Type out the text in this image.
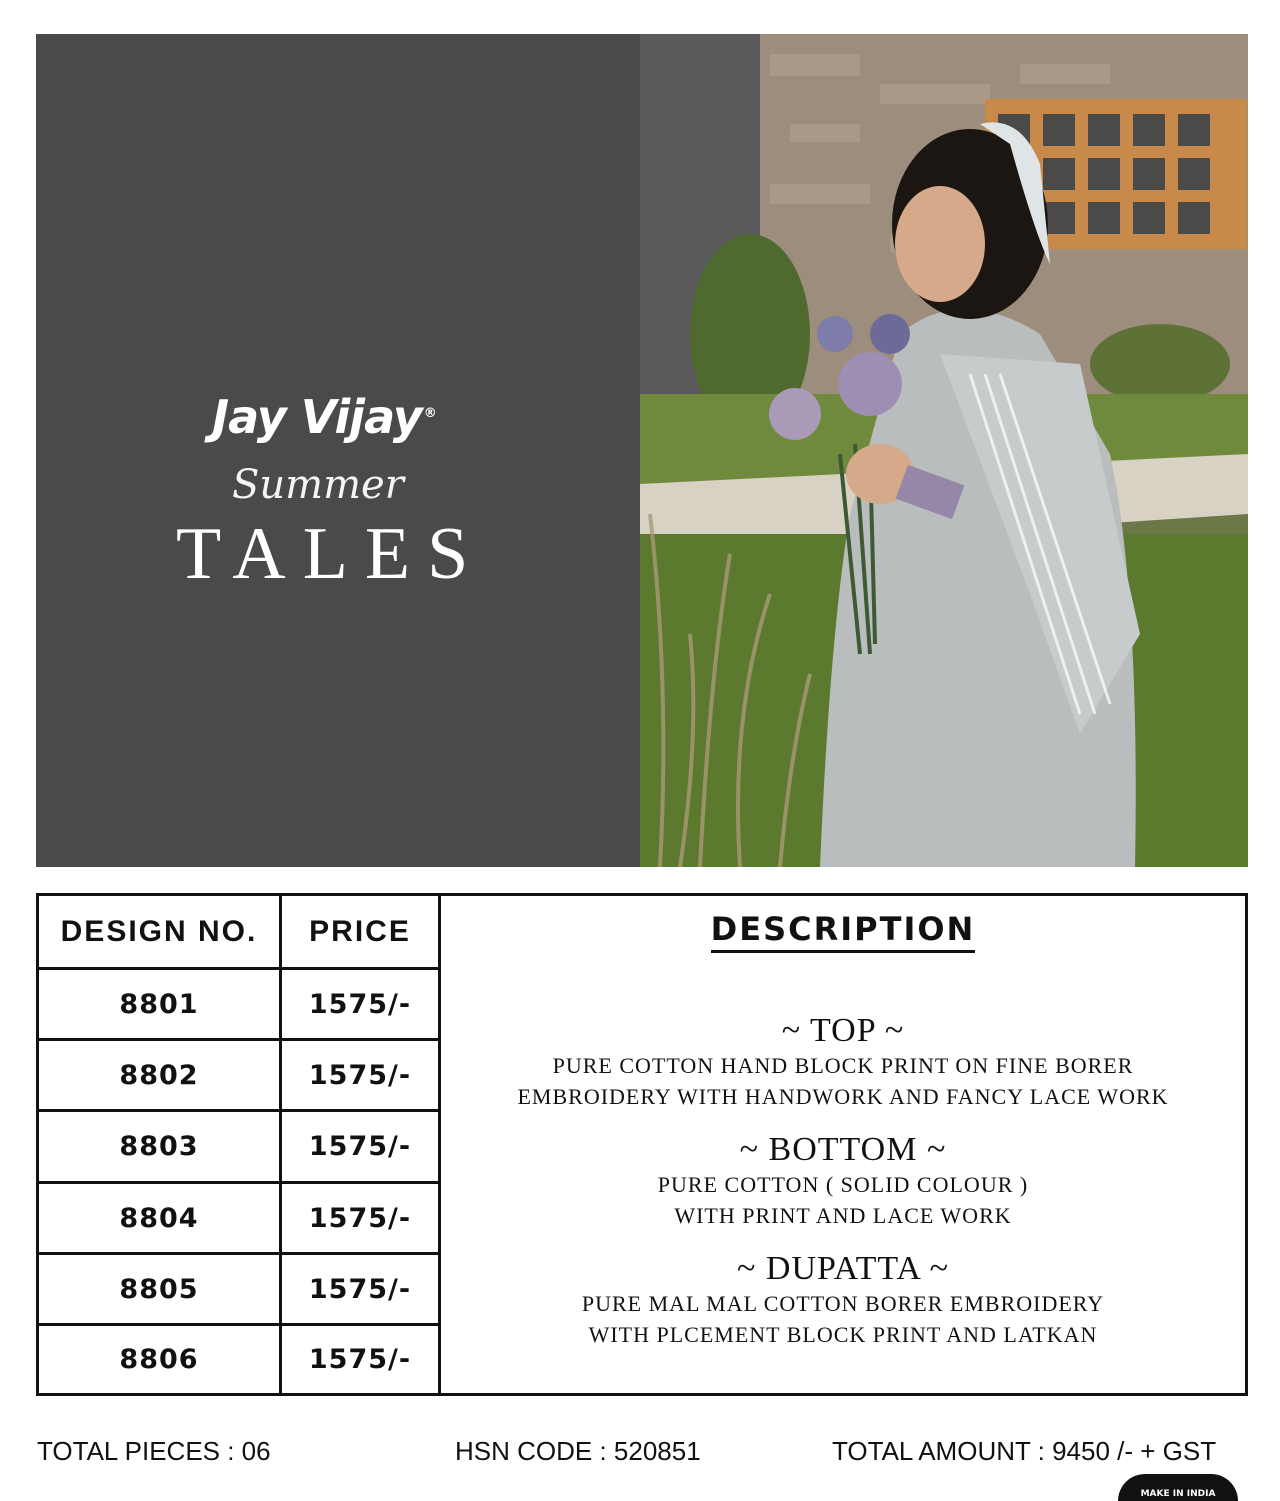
Jay Vijay ®
Summer
TALES
DESIGN NO.
8801
8802
8803
8804
8805
8806
PRICE
1575/-
1575/-
1575/-
1575/-
1575/-
1575/-
DESCRIPTION
~ TOP ~
PURE COTTON HAND BLOCK PRINT ON FINE BORER
EMBROIDERY WITH HANDWORK AND FANCY LACE WORK
~ BOTTOM ~
PURE COTTON ( SOLID COLOUR )
WITH PRINT AND LACE WORK
~ DUPATTA ~
PURE MAL MAL COTTON BORER EMBROIDERY
WITH PLCEMENT BLOCK PRINT AND LATKAN
TOTAL PIECES : 06	HSN CODE : 520851	TOTAL AMOUNT : 9450 /- + GST
MAKE IN INDIA
